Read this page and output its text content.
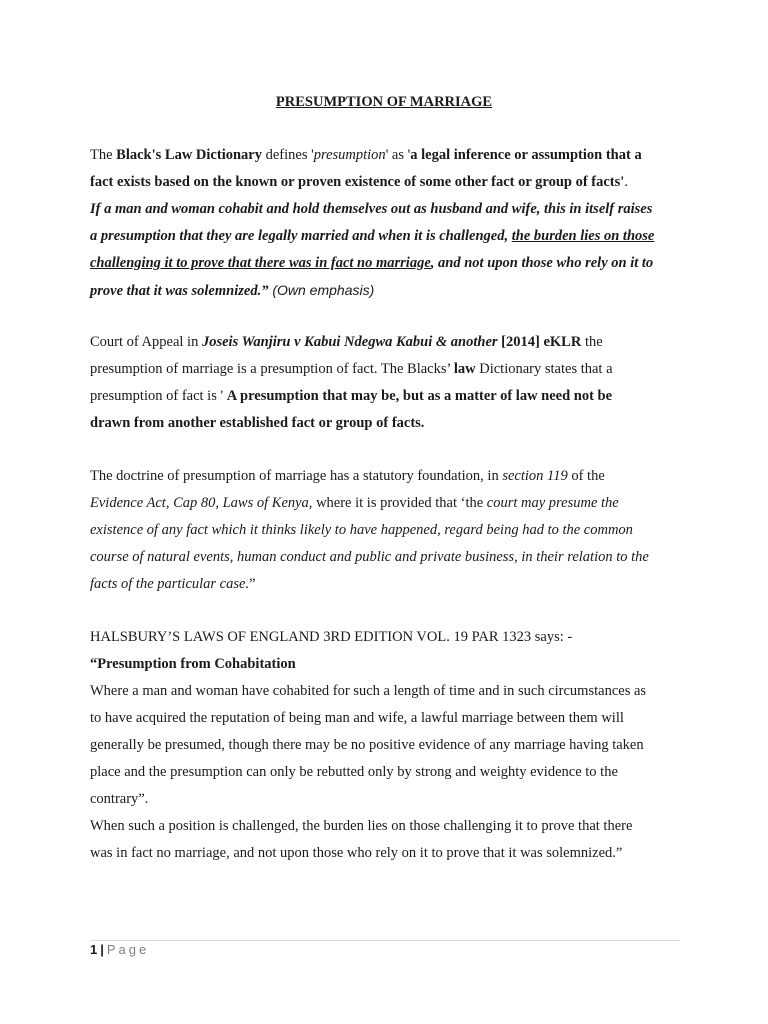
PRESUMPTION OF MARRIAGE
The Black's Law Dictionary defines 'presumption' as 'a legal inference or assumption that a
fact exists based on the known or proven existence of some other fact or group of facts'.
If a man and woman cohabit and hold themselves out as husband and wife, this in itself raises
a presumption that they are legally married and when it is challenged, the burden lies on those
challenging it to prove that there was in fact no marriage, and not upon those who rely on it to
prove that it was solemnized.” (Own emphasis)
Court of Appeal in Joseis Wanjiru v Kabui Ndegwa Kabui & another [2014] eKLR the
presumption of marriage is a presumption of fact. The Blacks’ law Dictionary states that a
presumption of fact is ' A presumption that may be, but as a matter of law need not be
drawn from another established fact or group of facts.
The doctrine of presumption of marriage has a statutory foundation, in section 119 of the
Evidence Act, Cap 80, Laws of Kenya, where it is provided that ‘the court may presume the
existence of any fact which it thinks likely to have happened, regard being had to the common
course of natural events, human conduct and public and private business, in their relation to the
facts of the particular case.”
HALSBURY’S LAWS OF ENGLAND 3RD EDITION VOL. 19 PAR 1323 says: -
“Presumption from Cohabitation
Where a man and woman have cohabited for such a length of time and in such circumstances as
to have acquired the reputation of being man and wife, a lawful marriage between them will
generally be presumed, though there may be no positive evidence of any marriage having taken
place and the presumption can only be rebutted only by strong and weighty evidence to the
contrary”.
When such a position is challenged, the burden lies on those challenging it to prove that there
was in fact no marriage, and not upon those who rely on it to prove that it was solemnized.”
1 | Page
